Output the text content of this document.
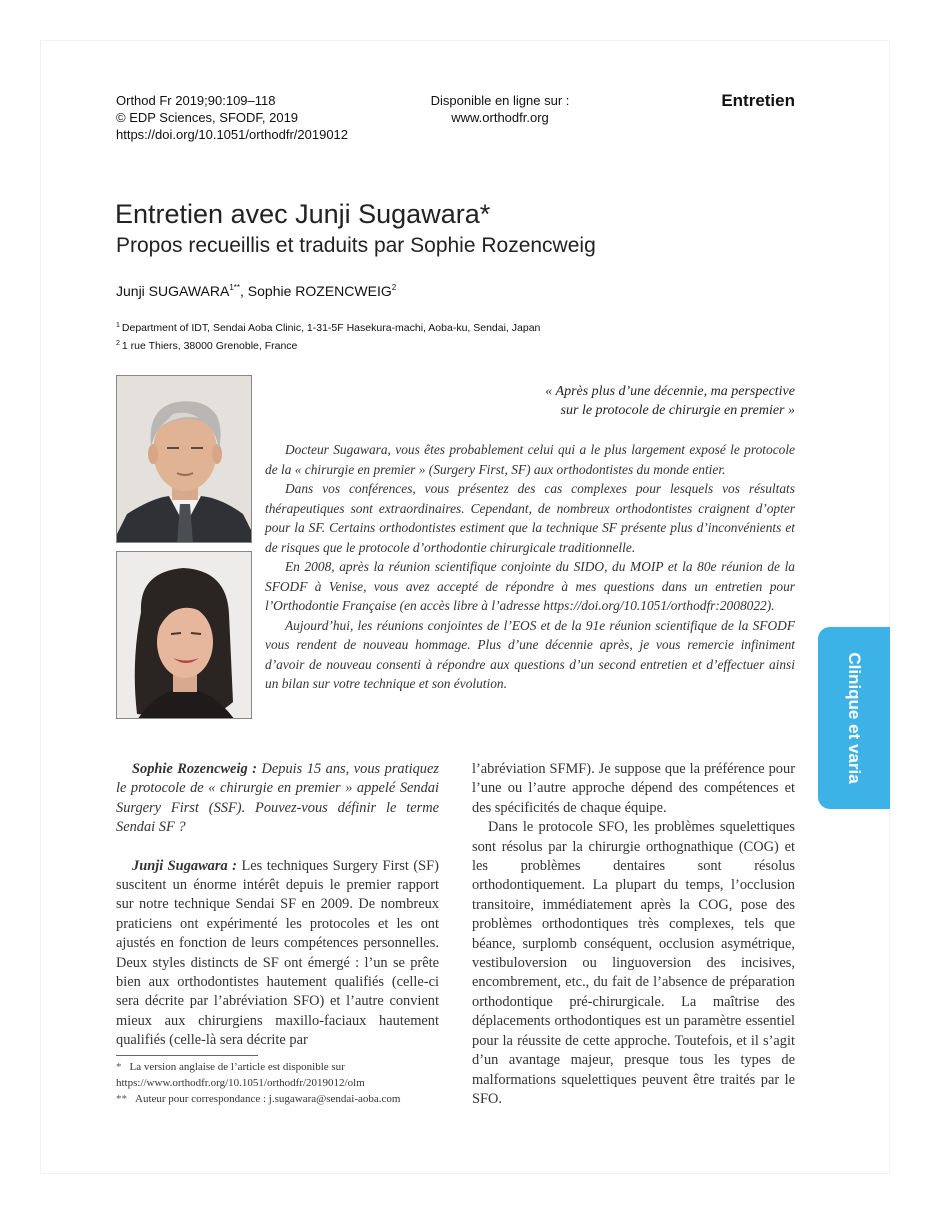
Orthod Fr 2019;90:109–118
© EDP Sciences, SFODF, 2019
https://doi.org/10.1051/orthodfr/2019012
Disponible en ligne sur :
www.orthodfr.org
Entretien
Entretien avec Junji Sugawara*
Propos recueillis et traduits par Sophie Rozencweig
Junji $SUGAWARA^{1**}$, Sophie ROZENCWEIG$^2$
$^1$ Department of IDT, Sendai Aoba Clinic, 1-31-5F Hasekura-machi, Aoba-ku, Sendai, Japan
$^2$ 1 rue Thiers, 38000 Grenoble, France
« Après plus d’une décennie, ma perspective
sur le protocole de chirurgie en premier »

Docteur Sugawara, vous êtes probablement celui qui a le plus largement exposé le protocole de la « chirurgie en premier » (Surgery First, SF) aux orthodontistes du monde entier.

Dans vos conférences, vous présentez des cas complexes pour lesquels vos résultats thérapeutiques sont extraordinaires. Cependant, de nombreux orthodontistes craignent d’opter pour la SF. Certains orthodontistes estiment que la technique SF présente plus d’inconvénients et de risques que le protocole d’orthodontie chirurgicale traditionnelle.

En 2008, après la réunion scientifique conjointe du SIDO, du MOIP et la 80e réunion de la SFODF à Venise, vous avez accepté de répondre à mes questions dans un entretien pour l’Orthodontie Française (en accès libre à l’adresse https://doi.org/10.1051/orthodfr:2008022).

Aujourd’hui, les réunions conjointes de l’EOS et de la 91e réunion scientifique de la SFODF vous rendent de nouveau hommage. Plus d’une décennie après, je vous remercie infiniment d’avoir de nouveau consenti à répondre aux questions d’un second entretien et d’effectuer ainsi un bilan sur votre technique et son évolution.

Sophie Rozencweig : Depuis 15 ans, vous pratiquez le protocole de « chirurgie en premier » appelé Sendai Surgery First (SSF). Pouvez-vous définir le terme Sendai SF ?

Junji Sugawara : Les techniques Surgery First (SF) suscitent un énorme intérêt depuis le premier rapport sur notre technique Sendai SF en 2009. De nombreux praticiens ont expérimenté les protocoles et les ont ajustés en fonction de leurs compétences personnelles. Deux styles distincts de SF ont émergé : l’un se prête bien aux orthodontistes hautement qualifiés (celle-ci sera décrite par l’abréviation SFO) et l’autre convient mieux aux chirurgiens maxillo-faciaux hautement qualifiés (celle-là sera décrite par

l’abréviation SFMF). Je suppose que la préférence pour l’une ou l’autre approche dépend des compétences et des spécificités de chaque équipe.

Dans le protocole SFO, les problèmes squelettiques sont résolus par la chirurgie orthognathique (COG) et les problèmes dentaires sont résolus orthodontiquement. La plupart du temps, l’occlusion transitoire, immédiatement après la COG, pose des problèmes orthodontiques très complexes, tels que béance, surplomb conséquent, occlusion asymétrique, vestibuloversion ou linguoversion des incisives, encombrement, etc., du fait de l’absence de préparation orthodontique pré-chirurgicale. La maîtrise des déplacements orthodontiques est un paramètre essentiel pour la réussite de cette approche. Toutefois, et il s’agit d’un avantage majeur, presque tous les types de malformations squelettiques peuvent être traités par le SFO.

* La version anglaise de l’article est disponible sur
https://www.orthodfr.org/10.1051/orthodfr/2019012/olm
** Auteur pour correspondance : j.sugawara@sendai-aoba.com
Clinique et varia
